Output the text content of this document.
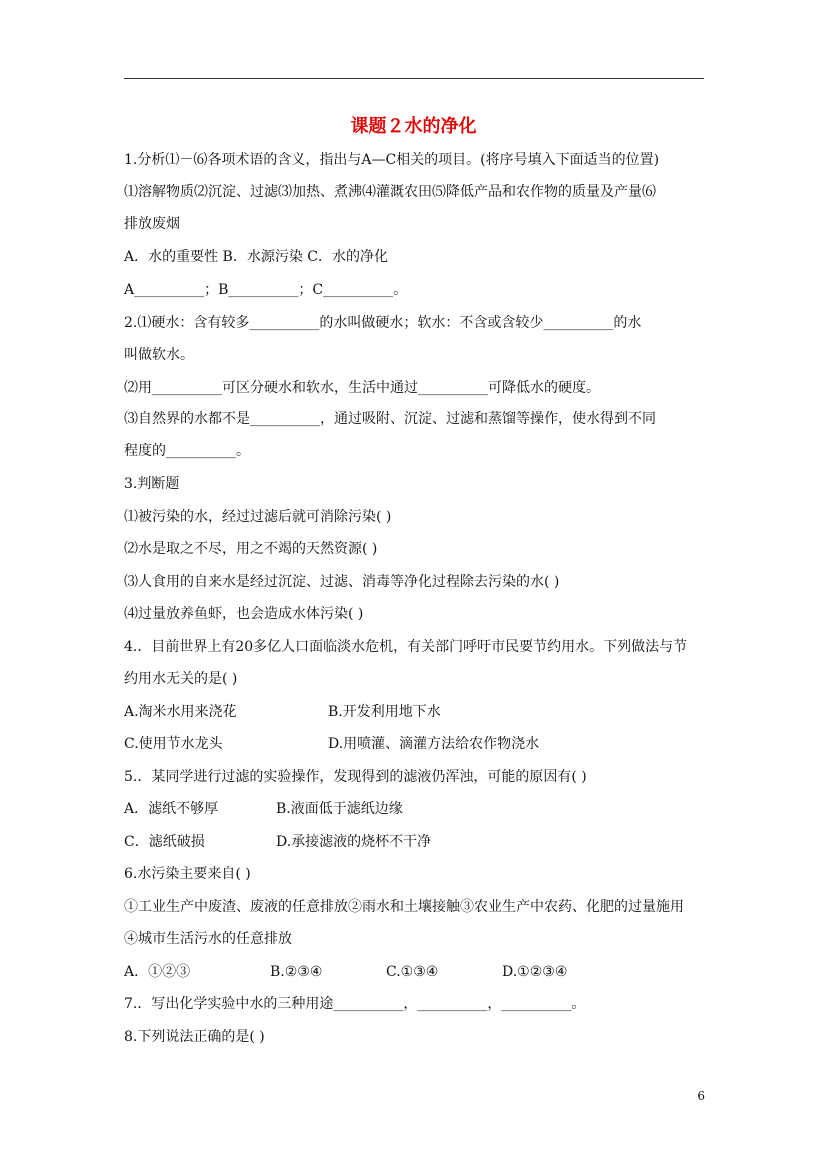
课题２水的净化
1.分析⑴－⑹各项术语的含义，指出与A—C相关的项目。(将序号填入下面适当的位置)
⑴溶解物质⑵沉淀、过滤⑶加热、煮沸⑷灌溉农田⑸降低产品和农作物的质量及产量⑹
排放废烟
A．水的重要性 B．水源污染 C．水的净化
A__________；B__________；C__________。
2.⑴硬水：含有较多__________的水叫做硬水；软水：不含或含较少__________的水
叫做软水。
⑵用__________可区分硬水和软水，生活中通过__________可降低水的硬度。
⑶自然界的水都不是__________，通过吸附、沉淀、过滤和蒸馏等操作，使水得到不同
程度的__________。
3.判断题
⑴被污染的水，经过过滤后就可消除污染( )
⑵水是取之不尽，用之不竭的天然资源( )
⑶人食用的自来水是经过沉淀、过滤、消毒等净化过程除去污染的水( )
⑷过量放养鱼虾，也会造成水体污染( )
4.．目前世界上有20多亿人口面临淡水危机，有关部门呼吁市民要节约用水。下列做法与节
约用水无关的是( )
A.淘米水用来浇花	B.开发利用地下水
C.使用节水龙头	D.用喷灌、滴灌方法给农作物浇水
5.．某同学进行过滤的实验操作，发现得到的滤液仍浑浊，可能的原因有( )
A．滤纸不够厚	B.液面低于滤纸边缘
C．滤纸破损	D.承接滤液的烧杯不干净
6.水污染主要来自( )
①工业生产中废渣、废液的任意排放②雨水和土壤接触③农业生产中农药、化肥的过量施用
④城市生活污水的任意排放
A．①②③	B.②③④	C.①③④	D.①②③④
7.．写出化学实验中水的三种用途__________，__________，__________。
8.下列说法正确的是( )
6
